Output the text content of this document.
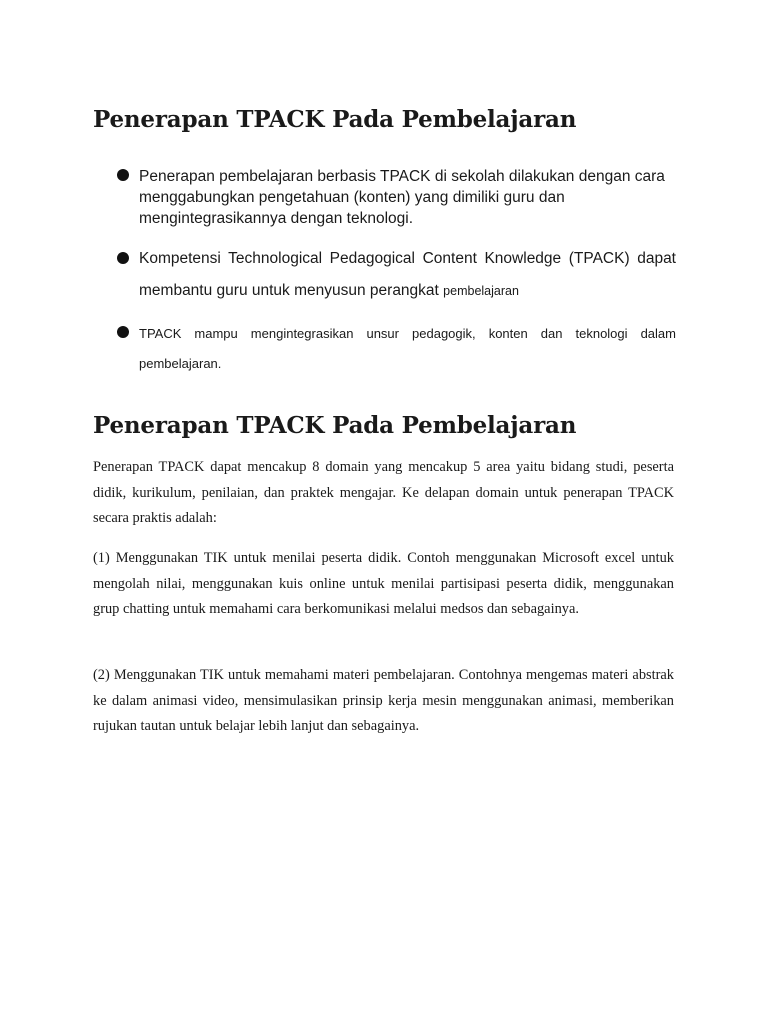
Penerapan TPACK Pada Pembelajaran
Penerapan pembelajaran berbasis TPACK di sekolah dilakukan dengan cara menggabungkan pengetahuan (konten) yang dimiliki guru dan mengintegrasikannya dengan teknologi.
Kompetensi Technological Pedagogical Content Knowledge (TPACK) dapat membantu guru untuk menyusun perangkat pembelajaran
TPACK mampu mengintegrasikan unsur pedagogik, konten dan teknologi dalam pembelajaran.
Penerapan TPACK Pada Pembelajaran

Penerapan TPACK dapat mencakup 8 domain yang mencakup 5 area yaitu bidang studi, peserta didik, kurikulum, penilaian, dan praktek mengajar. Ke delapan domain untuk penerapan TPACK secara praktis adalah:

(1) Menggunakan TIK untuk menilai peserta didik. Contoh menggunakan Microsoft excel untuk mengolah nilai, menggunakan kuis online untuk menilai partisipasi peserta didik, menggunakan grup chatting untuk memahami cara berkomunikasi melalui medsos dan sebagainya.

(2) Menggunakan TIK untuk memahami materi pembelajaran. Contohnya mengemas materi abstrak ke dalam animasi video, mensimulasikan prinsip kerja mesin menggunakan animasi, memberikan rujukan tautan untuk belajar lebih lanjut dan sebagainya.
